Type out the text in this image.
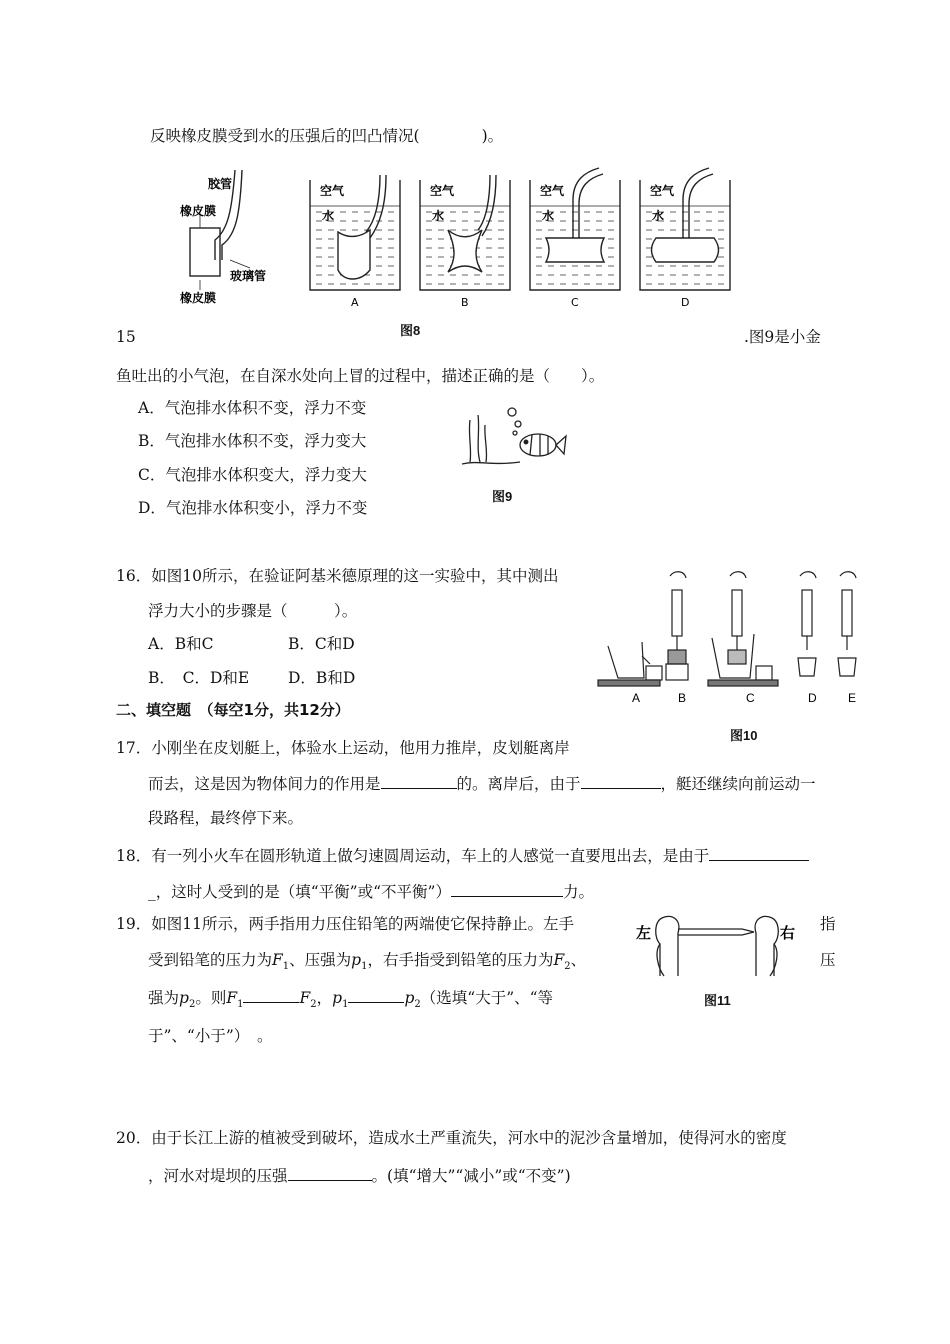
反映橡皮膜受到水的压强后的凹凸情况(	)。
胶管
橡皮膜
玻璃管
橡皮膜
空气
水
A
空气
水
B
空气
水
C
空气
水
D
图8
15	.图9是小金
鱼吐出的小气泡，在自深水处向上冒的过程中，描述正确的是（　　）。
A．气泡排水体积不变，浮力不变
B．气泡排水体积不变，浮力变大
C．气泡排水体积变大，浮力变大
D．气泡排水体积变小，浮力不变
图9
16．如图10所示，在验证阿基米德原理的这一实验中，其中测出
浮力大小的步骤是（　　　）。
A．B和C	B．C和D
B．　C．D和E	D．B和D
A	B	C	D	E
图10
二、填空题　（每空1分，共12分）
17．小刚坐在皮划艇上，体验水上运动，他用力推岸，皮划艇离岸
而去，这是因为物体间力的作用是	的。离岸后，由于	，艇还继续向前运动一
段路程，最终停下来。
18．有一列小火车在圆形轨道上做匀速圆周运动，车上的人感觉一直要甩出去，是由于
_，这时人受到的是（填“平衡”或“不平衡”）	力。
19．如图11所示，两手指用力压住铅笔的两端使它保持静止。左手	指
受到铅笔的压力为$F_1$、压强为$p_1$，右手指受到铅笔的压力为$F_2$、	压
强为$p_2$。则$F_1$	$F_2$，$p_1$	$p_2$（选填“大于”、“等
于”、“小于”）　。
左	右
图11
20．由于长江上游的植被受到破坏，造成水土严重流失，河水中的泥沙含量增加，使得河水的密度
，河水对堤坝的压强	。(填“增大”“减小”或“不变”)
